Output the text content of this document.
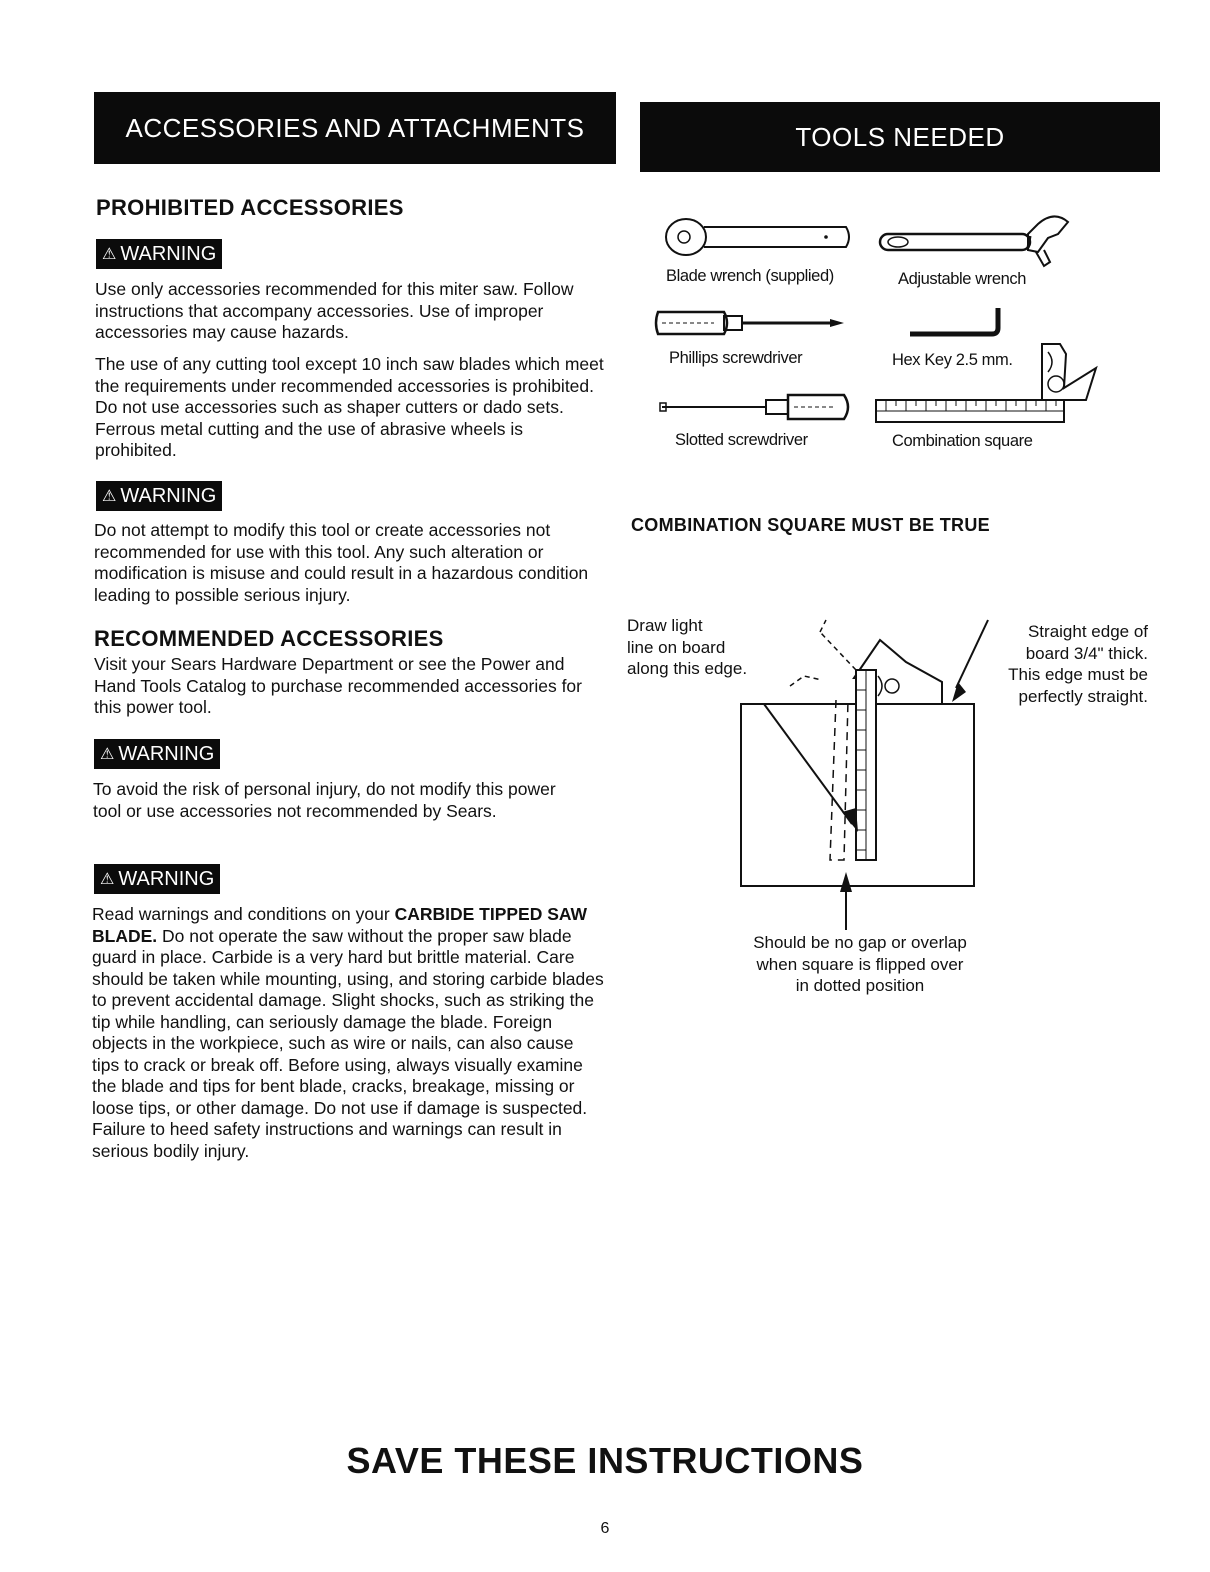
ACCESSORIES AND ATTACHMENTS	TOOLS NEEDED
PROHIBITED ACCESSORIES
⚠ WARNING

Use only accessories recommended for this miter saw. Follow instructions that accompany accessories. Use of improper accessories may cause hazards.

The use of any cutting tool except 10 inch saw blades which meet the requirements under recommended accessories is prohibited. Do not use accessories such as shaper cutters or dado sets. Ferrous metal cutting and the use of abrasive wheels is prohibited.

⚠ WARNING

Do not attempt to modify this tool or create accessories not recommended for use with this tool. Any such alteration or modification is misuse and could result in a hazardous condition leading to possible serious injury.

RECOMMENDED ACCESSORIES

Visit your Sears Hardware Department or see the Power and Hand Tools Catalog to purchase recommended accessories for this power tool.

⚠ WARNING

To avoid the risk of personal injury, do not modify this power tool or use accessories not recommended by Sears.

⚠ WARNING

Read warnings and conditions on your CARBIDE TIPPED SAW BLADE. Do not operate the saw without the proper saw blade guard in place. Carbide is a very hard but brittle material. Care should be taken while mounting, using, and storing carbide blades to prevent accidental damage. Slight shocks, such as striking the tip while handling, can seriously damage the blade. Foreign objects in the workpiece, such as wire or nails, can also cause tips to crack or break off. Before using, always visually examine the blade and tips for bent blade, cracks, breakage, missing or loose tips, or other damage. Do not use if damage is suspected. Failure to heed safety instructions and warnings can result in serious bodily injury.

Blade wrench (supplied)	Adjustable wrench
Phillips screwdriver	Hex Key 2.5 mm.
Slotted screwdriver	Combination square
COMBINATION SQUARE MUST BE TRUE
Draw light
line on board
along this edge.
Straight edge of
board 3/4" thick.
This edge must be
perfectly straight.
Should be no gap or overlap
when square is flipped over
in dotted position
SAVE THESE INSTRUCTIONS
6
